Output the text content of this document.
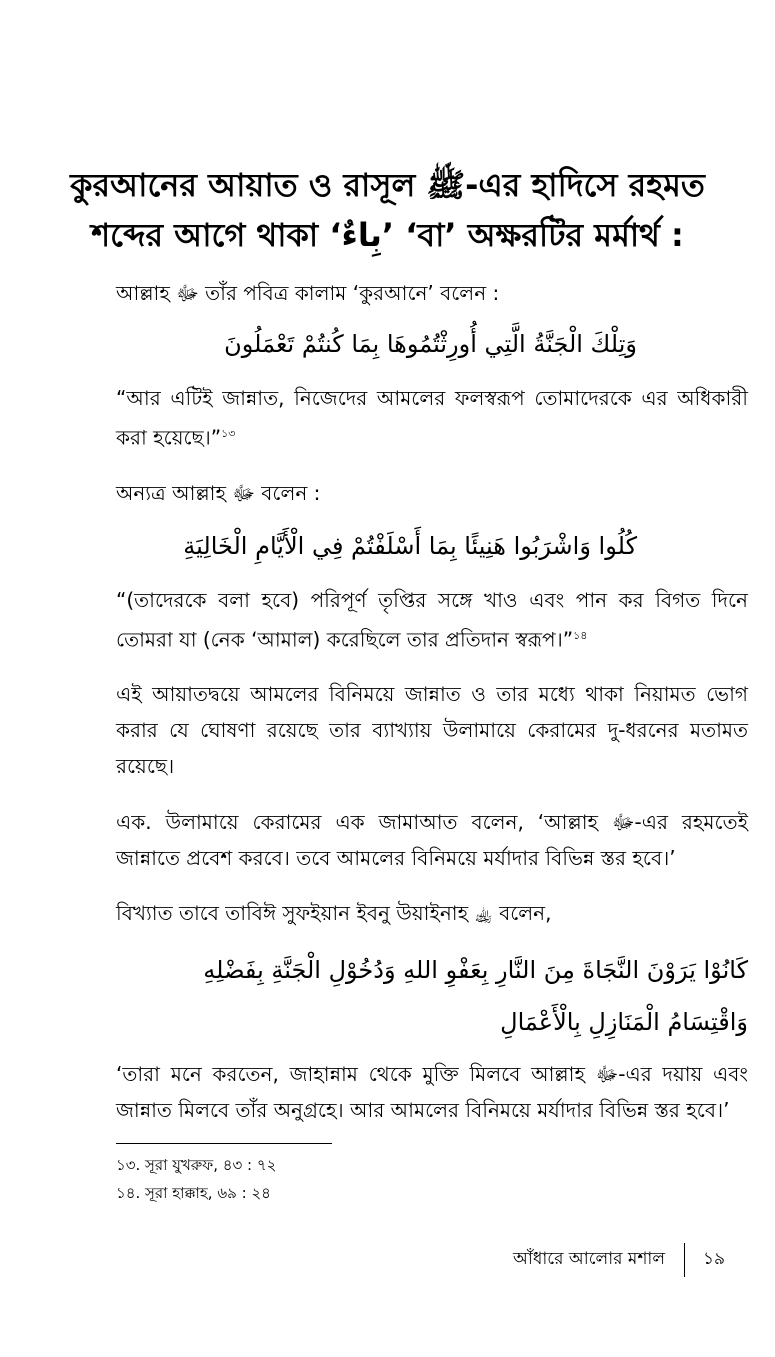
কুরআনের আয়াত ও রাসূল ﷺ-এর হাদিসে রহমত
শব্দের আগে থাকা ‘بِاءٌ’ ‘বা’ অক্ষরটির মর্মার্থ :
আল্লাহ ﷻ তাঁর পবিত্র কালাম ‘কুরআনে’ বলেন :
وَتِلْكَ الْجَنَّةُ الَّتِي أُورِثْتُمُوهَا بِمَا كُنتُمْ تَعْمَلُونَ
“আর এটিই জান্নাত, নিজেদের আমলের ফলস্বরূপ তোমাদেরকে এর অধিকারী করা হয়েছে।”$^{১৩}$
অন্যত্র আল্লাহ ﷻ বলেন :
كُلُوا وَاشْرَبُوا هَنِيئًا بِمَا أَسْلَفْتُمْ فِي الْأَيَّامِ الْخَالِيَةِ
“(তাদেরকে বলা হবে) পরিপূর্ণ তৃপ্তির সঙ্গে খাও এবং পান কর বিগত দিনে তোমরা যা (নেক ‘আমাল) করেছিলে তার প্রতিদান স্বরূপ।”$^{১৪}$
এই আয়াতদ্বয়ে আমলের বিনিময়ে জান্নাত ও তার মধ্যে থাকা নিয়ামত ভোগ করার যে ঘোষণা রয়েছে তার ব্যাখ্যায় উলামায়ে কেরামের দু-ধরনের মতামত রয়েছে।
এক. উলামায়ে কেরামের এক জামাআত বলেন, ‘আল্লাহ ﷻ-এর রহমতেই জান্নাতে প্রবেশ করবে। তবে আমলের বিনিময়ে মর্যাদার বিভিন্ন স্তর হবে।’
বিখ্যাত তাবে তাবিঈ সুফইয়ান ইবনু উয়াইনাহ ﵀ বলেন,
كَانُوْا يَرَوْنَ النَّجَاةَ مِنَ النَّارِ بِعَفْوِ اللهِ وَدُخُوْلِ الْجَنَّةِ بِفَضْلِهِ وَاقْتِسَامُ الْمَنَازِلِ بِالْأَعْمَالِ
‘তারা মনে করতেন, জাহান্নাম থেকে মুক্তি মিলবে আল্লাহ ﷻ-এর দয়ায় এবং জান্নাত মিলবে তাঁর অনুগ্রহে। আর আমলের বিনিময়ে মর্যাদার বিভিন্ন স্তর হবে।’
১৩. সূরা যুখরুফ, ৪৩ : ৭২
১৪. সূরা হাক্কাহ, ৬৯ : ২৪
আঁধারে আলোর মশাল ১৯
